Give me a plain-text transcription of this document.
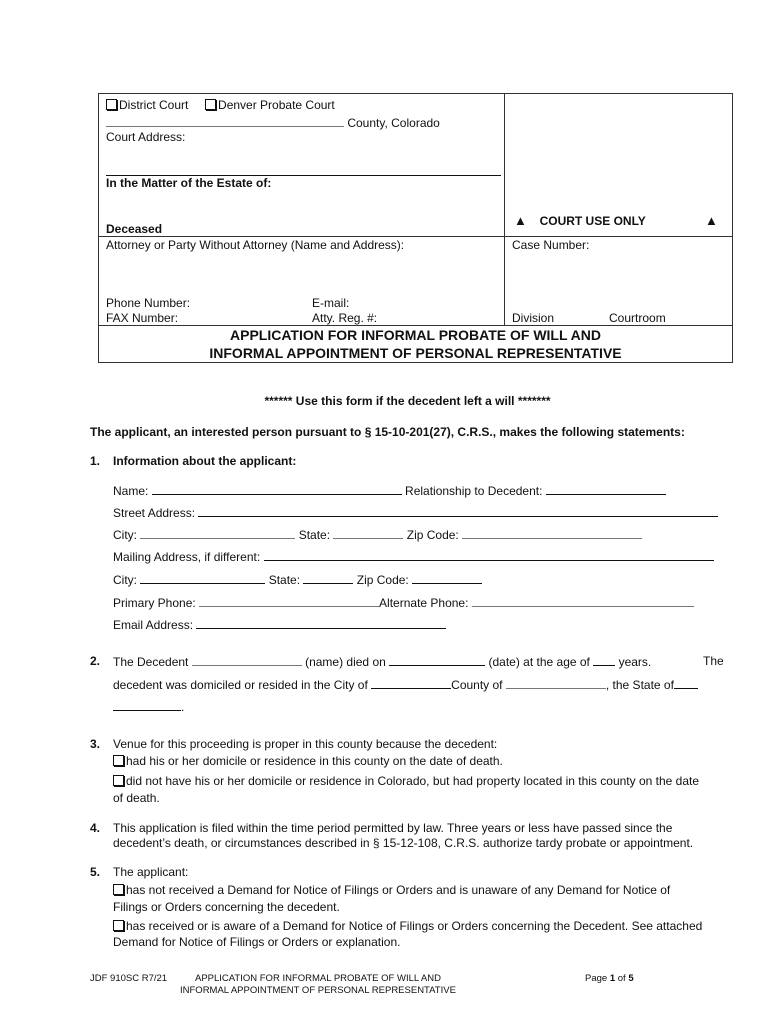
District Court Denver Probate Court
County, Colorado
Court Address:
In the Matter of the Estate of:
Deceased
▲ COURT USE ONLY	▲
Attorney or Party Without Attorney (Name and Address):	Case Number:
Phone Number:	E-mail:
FAX Number:	Atty. Reg. #:	Division	Courtroom
APPLICATION FOR INFORMAL PROBATE OF WILL AND
INFORMAL APPOINTMENT OF PERSONAL REPRESENTATIVE
****** Use this form if the decedent left a will *******
The applicant, an interested person pursuant to § 15-10-201(27), C.R.S., makes the following statements:
1. Information about the applicant:
Name:	Relationship to Decedent:
Street Address:
City:	State:	Zip Code:
Mailing Address, if different:
City:	State:	Zip Code:
Primary Phone:	Alternate Phone:
Email Address:
2. The Decedent	(name) died on	(date) at the age of years.	The
decedent was domiciled or resided in the City of	County of	, the State of
.
3. Venue for this proceeding is proper in this county because the decedent:
had his or her domicile or residence in this county on the date of death.
did not have his or her domicile or residence in Colorado, but had property located in this county on the date
of death.
4. This application is filed within the time period permitted by law. Three years or less have passed since the
decedent’s death, or circumstances described in § 15-12-108, C.R.S. authorize tardy probate or appointment.
5. The applicant:
has not received a Demand for Notice of Filings or Orders and is unaware of any Demand for Notice of
Filings or Orders concerning the decedent.
has received or is aware of a Demand for Notice of Filings or Orders concerning the Decedent. See attached
Demand for Notice of Filings or Orders or explanation.
JDF 910SC R7/21	APPLICATION FOR INFORMAL PROBATE OF WILL AND
INFORMAL APPOINTMENT OF PERSONAL REPRESENTATIVE
Page 1 of 5
